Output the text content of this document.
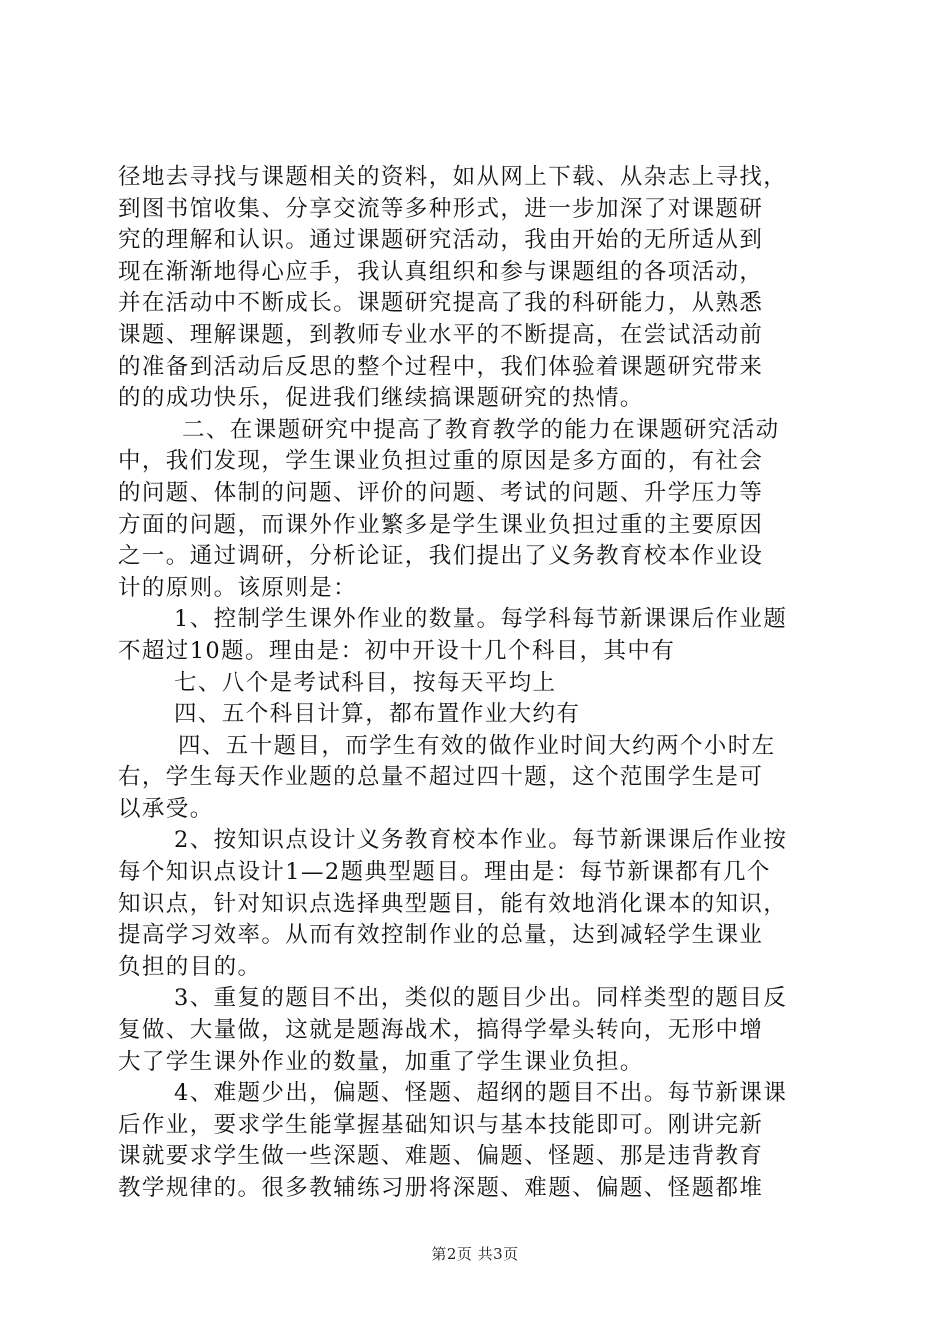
径地去寻找与课题相关的资料，如从网上下载、从杂志上寻找，
到图书馆收集、分享交流等多种形式，进一步加深了对课题研
究的理解和认识。通过课题研究活动，我由开始的无所适从到
现在渐渐地得心应手，我认真组织和参与课题组的各项活动，
并在活动中不断成长。课题研究提高了我的科研能力，从熟悉
课题、理解课题，到教师专业水平的不断提高，在尝试活动前
的准备到活动后反思的整个过程中，我们体验着课题研究带来
的的成功快乐，促进我们继续搞课题研究的热情。
二、在课题研究中提高了教育教学的能力在课题研究活动
中，我们发现，学生课业负担过重的原因是多方面的，有社会
的问题、体制的问题、评价的问题、考试的问题、升学压力等
方面的问题，而课外作业繁多是学生课业负担过重的主要原因
之一。通过调研，分析论证，我们提出了义务教育校本作业设
计的原则。该原则是：
1、控制学生课外作业的数量。每学科每节新课课后作业题
不超过10题。理由是：初中开设十几个科目，其中有
七、八个是考试科目，按每天平均上
四、五个科目计算，都布置作业大约有
四、五十题目，而学生有效的做作业时间大约两个小时左
右，学生每天作业题的总量不超过四十题，这个范围学生是可
以承受。
2、按知识点设计义务教育校本作业。每节新课课后作业按
每个知识点设计1—2题典型题目。理由是：每节新课都有几个
知识点，针对知识点选择典型题目，能有效地消化课本的知识，
提高学习效率。从而有效控制作业的总量，达到减轻学生课业
负担的目的。
3、重复的题目不出，类似的题目少出。同样类型的题目反
复做、大量做，这就是题海战术，搞得学晕头转向，无形中增
大了学生课外作业的数量，加重了学生课业负担。
4、难题少出，偏题、怪题、超纲的题目不出。每节新课课
后作业，要求学生能掌握基础知识与基本技能即可。刚讲完新
课就要求学生做一些深题、难题、偏题、怪题、那是违背教育
教学规律的。很多教辅练习册将深题、难题、偏题、怪题都堆
第2页 共3页
